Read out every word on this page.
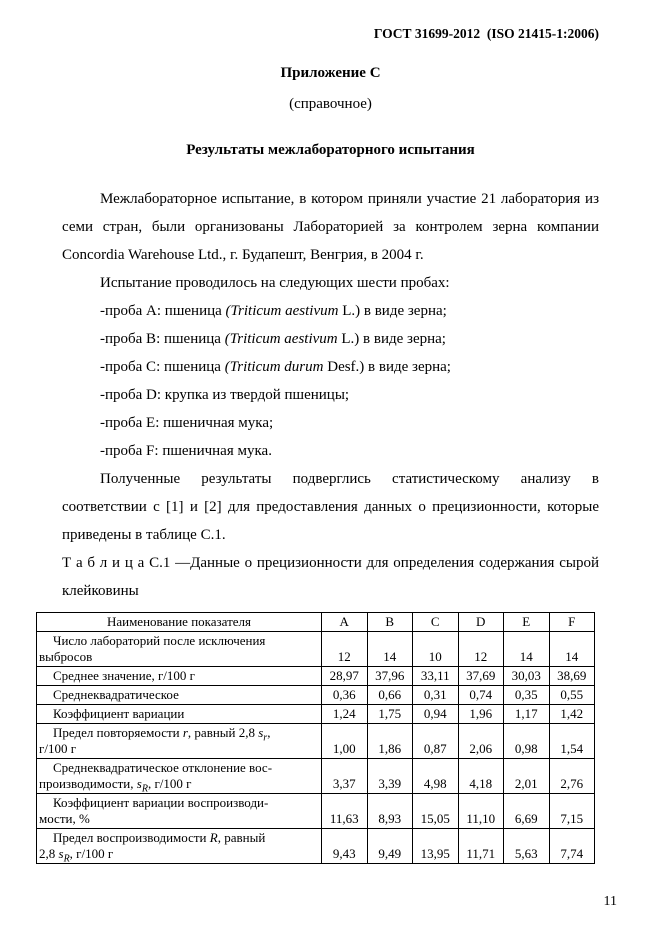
ГОСТ 31699-2012  (ISO 21415-1:2006)
Приложение С
(справочное)
Результаты межлабораторного испытания

Межлабораторное испытание, в котором приняли участие 21 лаборатория из семи стран, были организованы Лабораторией за контролем зерна компании Concordia Warehouse Ltd., г. Будапешт, Венгрия, в 2004 г.

Испытание проводилось на следующих шести пробах:

-проба A: пшеница (Triticum aestivum L.) в виде зерна;
-проба B: пшеница (Triticum aestivum L.) в виде зерна;
-проба C: пшеница (Triticum durum Desf.) в виде зерна;
-проба D: крупка из твердой пшеницы;
-проба E: пшеничная мука;
-проба F: пшеничная мука.

Полученные результаты подверглись статистическому анализу в соответствии с [1] и [2] для предоставления данных о прецизионности, которые приведены в таблице С.1.

Т а б л и ц а С.1 —Данные о прецизионности для определения содержания сырой клейковины

Наименование показателя	A	B	C	D	E	F
Число лабораторий после исключения
выбросов	12	14	10	12	14	14
Среднее значение, г/100 г	28,97	37,96	33,11	37,69	30,03	38,69
Среднеквадратическое	0,36	0,66	0,31	0,74	0,35	0,55
Коэффициент вариации	1,24	1,75	0,94	1,96	1,17	1,42
Предел повторяемости r, равный 2,8 $s_r$,
г/100 г	1,00	1,86	0,87	2,06	0,98	1,54
Среднеквадратическое отклонение вос-
производимости, $s_R$, г/100 г	3,37	3,39	4,98	4,18	2,01	2,76
Коэффициент вариации воспроизводи-
мости, %	11,63	8,93	15,05	11,10	6,69	7,15
Предел воспроизводимости R, равный
2,8 $s_R$, г/100 г	9,43	9,49	13,95	11,71	5,63	7,74
11
